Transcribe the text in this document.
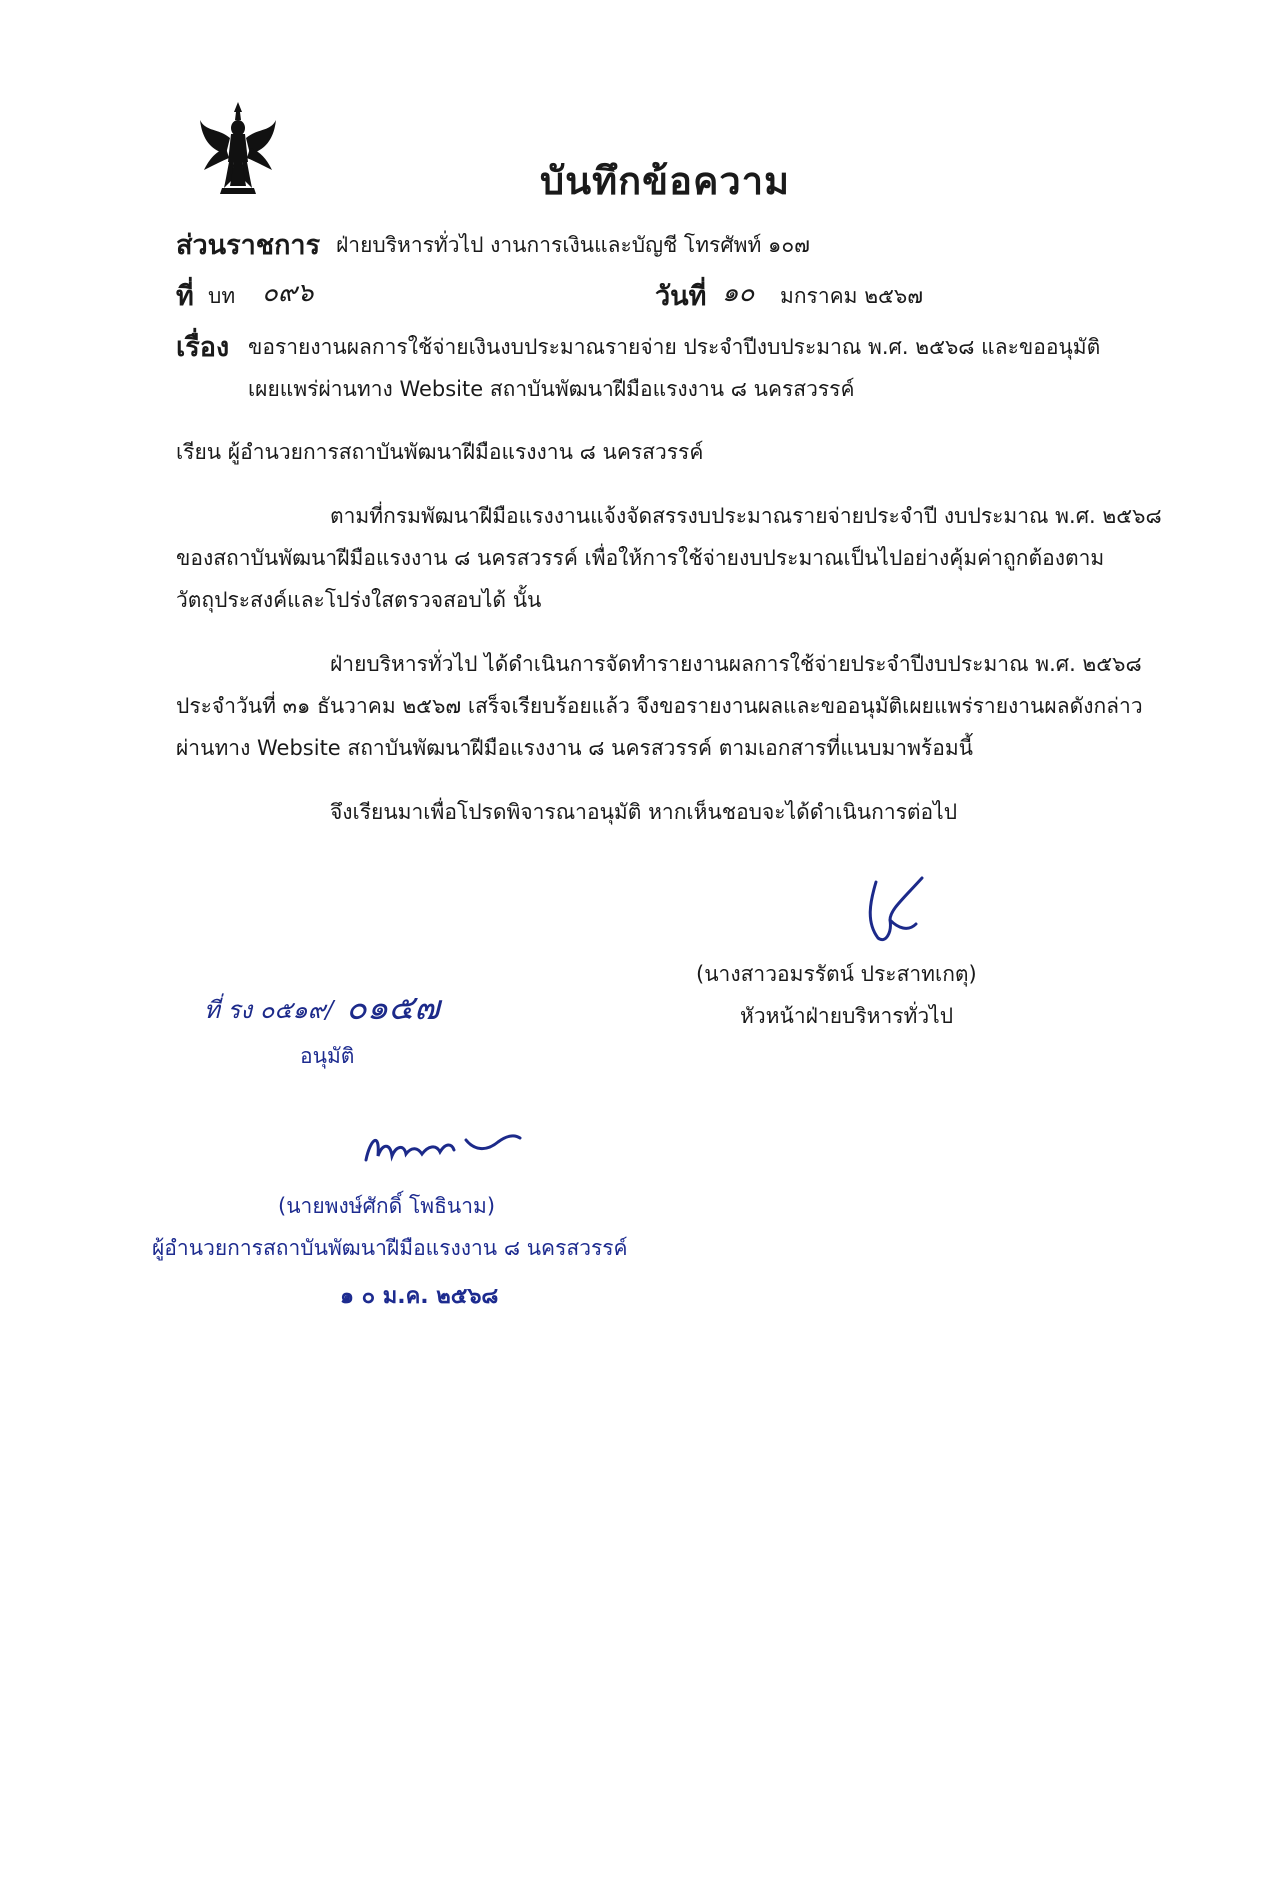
บันทึกข้อความ
ส่วนราชการ ฝ่ายบริหารทั่วไป งานการเงินและบัญชี โทรศัพท์ ๑๐๗
ที่ บท ๐๙๖	วันที่ ๑๐ มกราคม ๒๕๖๗
เรื่อง ขอรายงานผลการใช้จ่ายเงินงบประมาณรายจ่าย ประจำปีงบประมาณ พ.ศ. ๒๕๖๘ และขออนุมัติ
เผยแพร่ผ่านทาง Website สถาบันพัฒนาฝีมือแรงงาน ๘ นครสวรรค์
เรียน ผู้อำนวยการสถาบันพัฒนาฝีมือแรงงาน ๘ นครสวรรค์
ตามที่กรมพัฒนาฝีมือแรงงานแจ้งจัดสรรงบประมาณรายจ่ายประจำปี งบประมาณ พ.ศ. ๒๕๖๘
ของสถาบันพัฒนาฝีมือแรงงาน ๘ นครสวรรค์ เพื่อให้การใช้จ่ายงบประมาณเป็นไปอย่างคุ้มค่าถูกต้องตาม
วัตถุประสงค์และโปร่งใสตรวจสอบได้ นั้น
ฝ่ายบริหารทั่วไป ได้ดำเนินการจัดทำรายงานผลการใช้จ่ายประจำปีงบประมาณ พ.ศ. ๒๕๖๘
ประจำวันที่ ๓๑ ธันวาคม ๒๕๖๗ เสร็จเรียบร้อยแล้ว จึงขอรายงานผลและขออนุมัติเผยแพร่รายงานผลดังกล่าว
ผ่านทาง Website สถาบันพัฒนาฝีมือแรงงาน ๘ นครสวรรค์ ตามเอกสารที่แนบมาพร้อมนี้
จึงเรียนมาเพื่อโปรดพิจารณาอนุมัติ หากเห็นชอบจะได้ดำเนินการต่อไป
(นางสาวอมรรัตน์ ประสาทเกตุ)
หัวหน้าฝ่ายบริหารทั่วไป
ที่ รง ๐๕๑๙/ ๐๑๕๗
อนุมัติ
(นายพงษ์ศักดิ์ โพธินาม)
ผู้อำนวยการสถาบันพัฒนาฝีมือแรงงาน ๘ นครสวรรค์
๑ ๐ ม.ค. ๒๕๖๘
